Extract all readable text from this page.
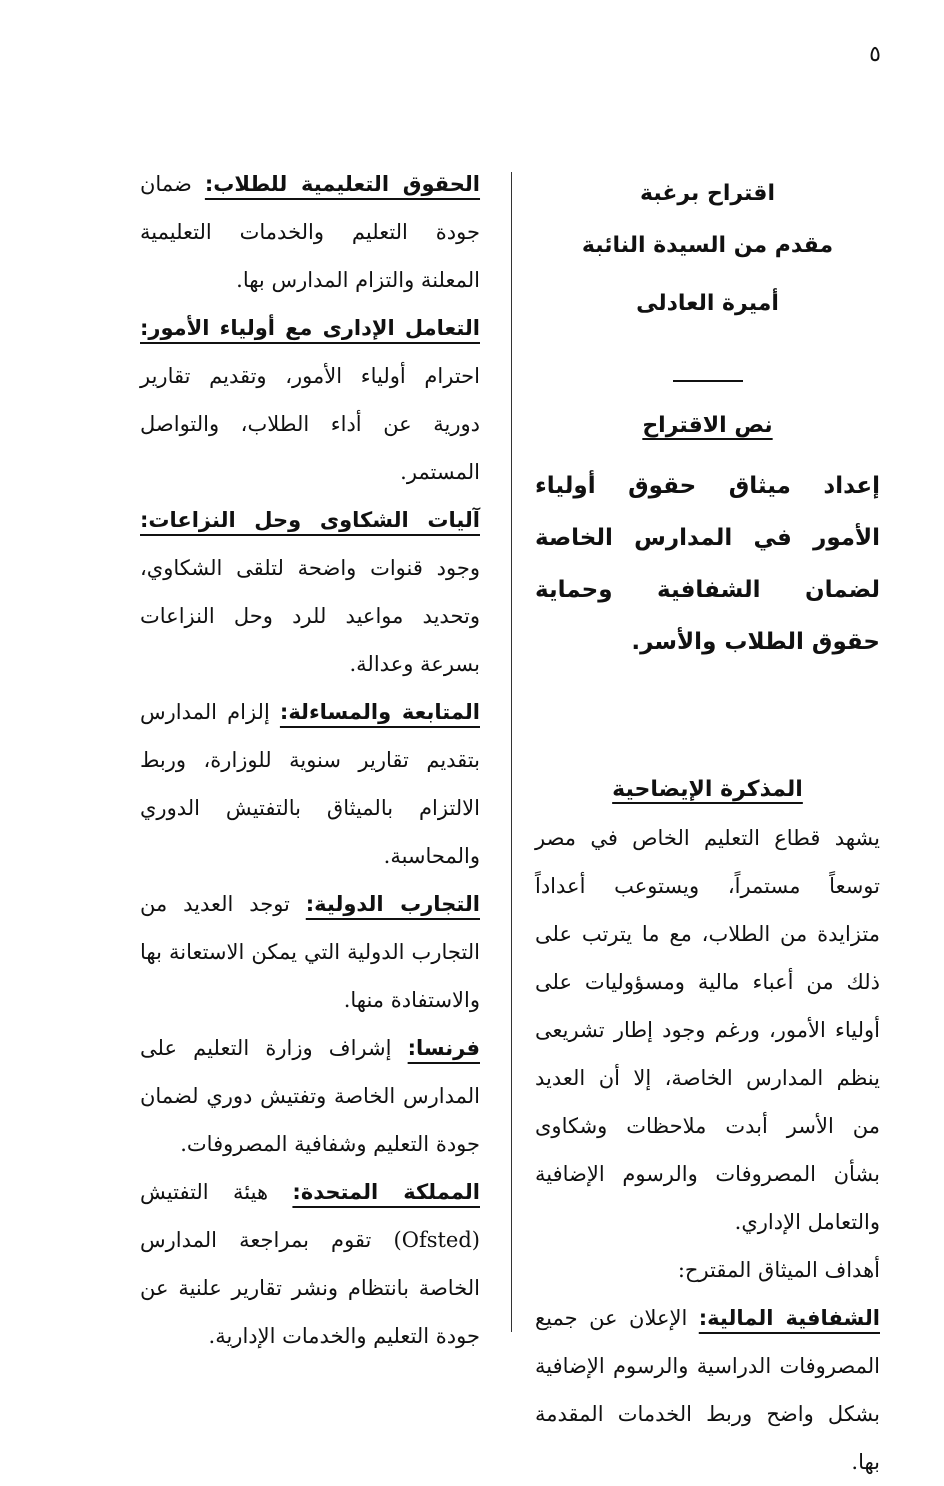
٥
اقتراح برغبة
مقدم من السيدة النائبة
أميرة العادلى
نص الاقتراح
إعداد ميثاق حقوق أولياء الأمور في المدارس الخاصة لضمان الشفافية وحماية حقوق الطلاب والأسر.
المذكرة الإيضاحية

يشهد قطاع التعليم الخاص في مصر توسعاً مستمراً، ويستوعب أعداداً متزايدة من الطلاب، مع ما يترتب على ذلك من أعباء مالية ومسؤوليات على أولياء الأمور، ورغم وجود إطار تشريعى ينظم المدارس الخاصة، إلا أن العديد من الأسر أبدت ملاحظات وشكاوى بشأن المصروفات والرسوم الإضافية والتعامل الإداري.

أهداف الميثاق المقترح:

الشفافية المالية: الإعلان عن جميع المصروفات الدراسية والرسوم الإضافية بشكل واضح وربط الخدمات المقدمة بها.

الحقوق التعليمية للطلاب: ضمان جودة التعليم والخدمات التعليمية المعلنة والتزام المدارس بها.

التعامل الإدارى مع أولياء الأمور: احترام أولياء الأمور، وتقديم تقارير دورية عن أداء الطلاب، والتواصل المستمر.

آليات الشكاوى وحل النزاعات: وجود قنوات واضحة لتلقى الشكاوي، وتحديد مواعيد للرد وحل النزاعات بسرعة وعدالة.

المتابعة والمساءلة: إلزام المدارس بتقديم تقارير سنوية للوزارة، وربط الالتزام بالميثاق بالتفتيش الدوري والمحاسبة.

التجارب الدولية: توجد العديد من التجارب الدولية التي يمكن الاستعانة بها والاستفادة منها.

فرنسا: إشراف وزارة التعليم على المدارس الخاصة وتفتيش دوري لضمان جودة التعليم وشفافية المصروفات.

المملكة المتحدة: هيئة التفتيش (Ofsted) تقوم بمراجعة المدارس الخاصة بانتظام ونشر تقارير علنية عن جودة التعليم والخدمات الإدارية.
